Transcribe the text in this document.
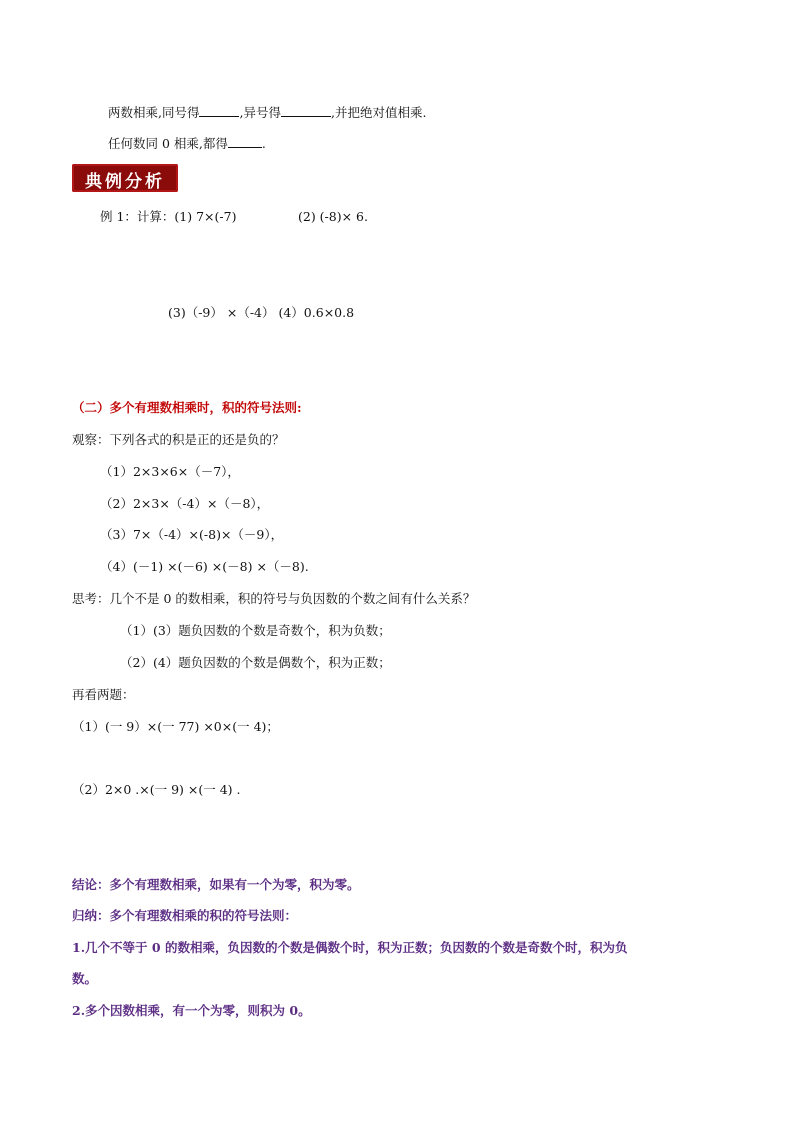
两数相乘,同号得	,异号得	,并把绝对值相乘.
任何数同 0 相乘,都得	.
典例分析
例 1：计算：(1) 7×(-7)	(2) (-8)× 6.
(3)（-9） ×（-4） (4）0.6×0.8
（二）多个有理数相乘时，积的符号法则:
观察：下列各式的积是正的还是负的？
（1）2×3×6×（－7），
（2）2×3×（-4）×（－8），
（3）7×（-4）×(-8)×（－9），
（4）(－1) ×(－6) ×(－8) ×（－8).
思考：几个不是 0 的数相乘，积的符号与负因数的个数之间有什么关系？
（1）(3）题负因数的个数是奇数个，积为负数；
（2）(4）题负因数的个数是偶数个，积为正数；
再看两题：
（1）(一 9）×(一 77) ×0×(一 4)；
（2）2×0 .×(一 9) ×(一 4) .
结论：多个有理数相乘，如果有一个为零，积为零。
归纳：多个有理数相乘的积的符号法则：
1.几个不等于 0 的数相乘，负因数的个数是偶数个时，积为正数；负因数的个数是奇数个时，积为负
数。
2.多个因数相乘，有一个为零，则积为 0。
